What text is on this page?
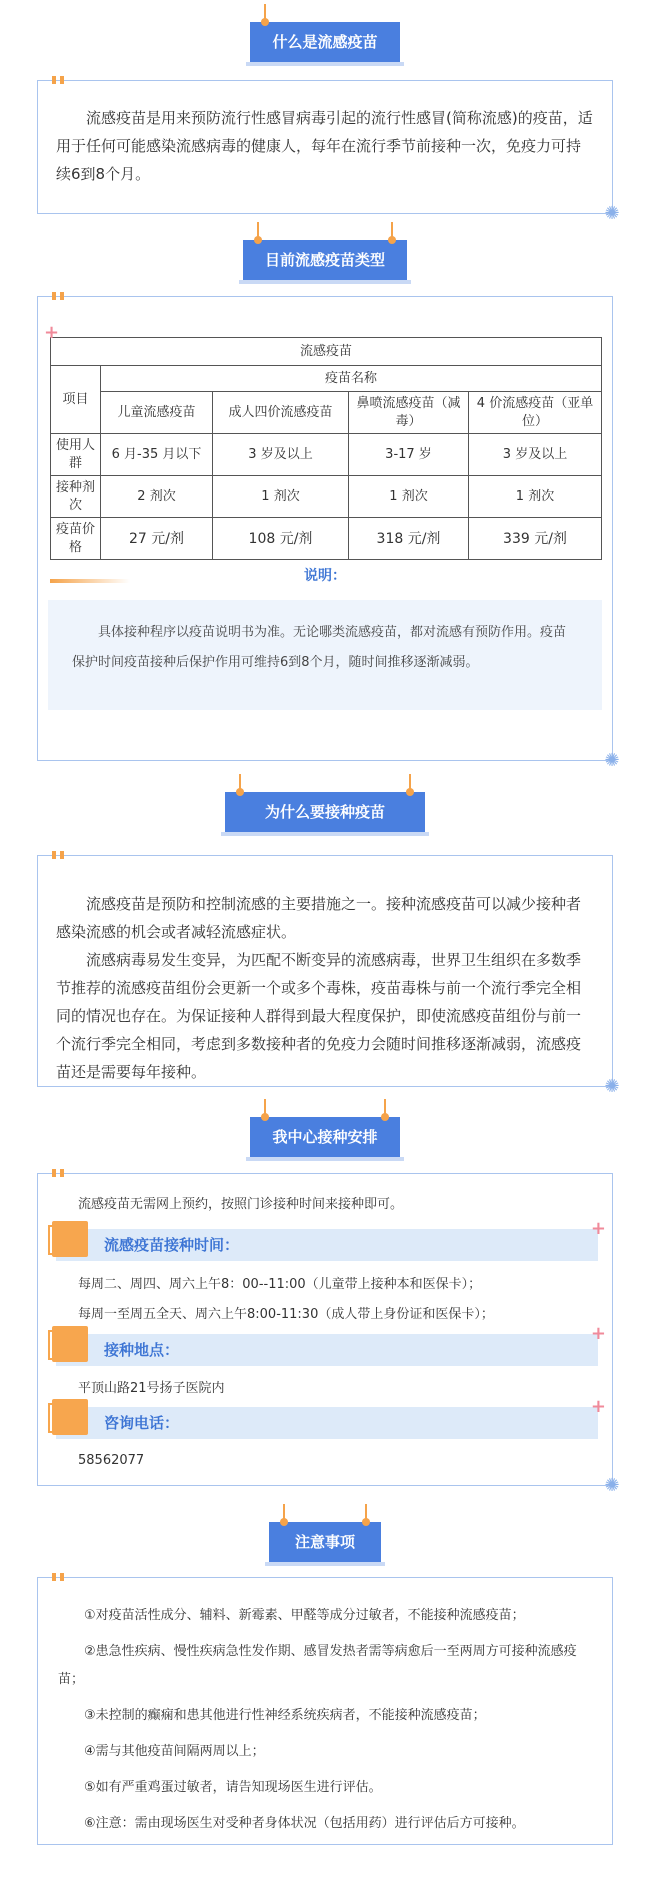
什么是流感疫苗
流感疫苗是用来预防流行性感冒病毒引起的流行性感冒(简称流感)的疫苗，适用于任何可能感染流感病毒的健康人，每年在流行季节前接种一次，免疫力可持续6到8个月。
✺
目前流感疫苗类型
+
流感疫苗				
项目	疫苗名称			
	儿童流感疫苗	成人四价流感疫苗	鼻喷流感疫苗（减毒）	4 价流感疫苗（亚单位）
使用人群	6 月-35 月以下	3 岁及以上	3-17 岁	3 岁及以上
接种剂次	2 剂次	1 剂次	1 剂次	1 剂次
疫苗价格	27 元/剂	108 元/剂	318 元/剂	339 元/剂
说明：
具体接种程序以疫苗说明书为准。无论哪类流感疫苗，都对流感有预防作用。疫苗保护时间疫苗接种后保护作用可维持6到8个月，随时间推移逐渐减弱。
✺
为什么要接种疫苗
流感疫苗是预防和控制流感的主要措施之一。接种流感疫苗可以减少接种者感染流感的机会或者减轻流感症状。
流感病毒易发生变异，为匹配不断变异的流感病毒，世界卫生组织在多数季节推荐的流感疫苗组份会更新一个或多个毒株，疫苗毒株与前一个流行季完全相同的情况也存在。为保证接种人群得到最大程度保护，即使流感疫苗组份与前一个流行季完全相同，考虑到多数接种者的免疫力会随时间推移逐渐减弱，流感疫苗还是需要每年接种。
✺
我中心接种安排
流感疫苗无需网上预约，按照门诊接种时间来接种即可。
流感疫苗接种时间：
+
每周二、周四、周六上午8：00--11:00（儿童带上接种本和医保卡）；
每周一至周五全天、周六上午8:00-11:30（成人带上身份证和医保卡）；
接种地点：
+
平顶山路21号扬子医院内
咨询电话：
+
58562077
✺
注意事项
①对疫苗活性成分、辅料、新霉素、甲醛等成分过敏者，不能接种流感疫苗；
②患急性疾病、慢性疾病急性发作期、感冒发热者需等病愈后一至两周方可接种流感疫苗；
③未控制的癫痫和患其他进行性神经系统疾病者，不能接种流感疫苗；
④需与其他疫苗间隔两周以上；
⑤如有严重鸡蛋过敏者，请告知现场医生进行评估。
⑥注意：需由现场医生对受种者身体状况（包括用药）进行评估后方可接种。
